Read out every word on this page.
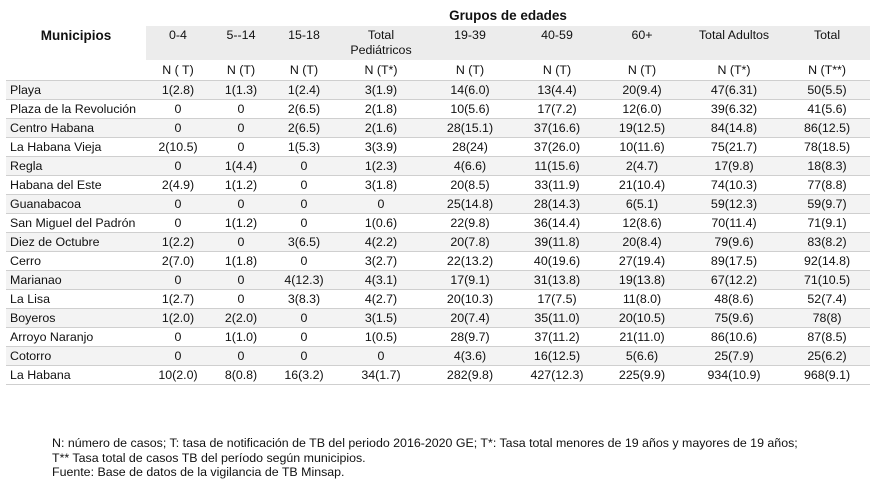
	Grupos de edades								
Municipios	0-4	5--14	15-18	Total Pediátricos	19-39	40-59	60+	Total Adultos	Total
	N ( T)	N (T)	N (T)	N (T*)	N (T)	N (T)	N (T)	N (T*)	N (T**)
Playa	1(2.8)	1(1.3)	1(2.4)	3(1.9)	14(6.0)	13(4.4)	20(9.4)	47(6.31)	50(5.5)
Plaza de la Revolución	0	0	2(6.5)	2(1.8)	10(5.6)	17(7.2)	12(6.0)	39(6.32)	41(5.6)
Centro Habana	0	0	2(6.5)	2(1.6)	28(15.1)	37(16.6)	19(12.5)	84(14.8)	86(12.5)
La Habana Vieja	2(10.5)	0	1(5.3)	3(3.9)	28(24)	37(26.0)	10(11.6)	75(21.7)	78(18.5)
Regla	0	1(4.4)	0	1(2.3)	4(6.6)	11(15.6)	2(4.7)	17(9.8)	18(8.3)
Habana del Este	2(4.9)	1(1.2)	0	3(1.8)	20(8.5)	33(11.9)	21(10.4)	74(10.3)	77(8.8)
Guanabacoa	0	0	0	0	25(14.8)	28(14.3)	6(5.1)	59(12.3)	59(9.7)
San Miguel del Padrón	0	1(1.2)	0	1(0.6)	22(9.8)	36(14.4)	12(8.6)	70(11.4)	71(9.1)
Diez de Octubre	1(2.2)	0	3(6.5)	4(2.2)	20(7.8)	39(11.8)	20(8.4)	79(9.6)	83(8.2)
Cerro	2(7.0)	1(1.8)	0	3(2.7)	22(13.2)	40(19.6)	27(19.4)	89(17.5)	92(14.8)
Marianao	0	0	4(12.3)	4(3.1)	17(9.1)	31(13.8)	19(13.8)	67(12.2)	71(10.5)
La Lisa	1(2.7)	0	3(8.3)	4(2.7)	20(10.3)	17(7.5)	11(8.0)	48(8.6)	52(7.4)
Boyeros	1(2.0)	2(2.0)	0	3(1.5)	20(7.4)	35(11.0)	20(10.5)	75(9.6)	78(8)
Arroyo Naranjo	0	1(1.0)	0	1(0.5)	28(9.7)	37(11.2)	21(11.0)	86(10.6)	87(8.5)
Cotorro	0	0	0	0	4(3.6)	16(12.5)	5(6.6)	25(7.9)	25(6.2)
La Habana	10(2.0)	8(0.8)	16(3.2)	34(1.7)	282(9.8)	427(12.3)	225(9.9)	934(10.9)	968(9.1)
N: número de casos; T: tasa de notificación de TB del periodo 2016-2020 GE; T*: Tasa total menores de 19 años y mayores de 19 años;
T** Tasa total de casos TB del período según municipios.
Fuente: Base de datos de la vigilancia de TB Minsap.
